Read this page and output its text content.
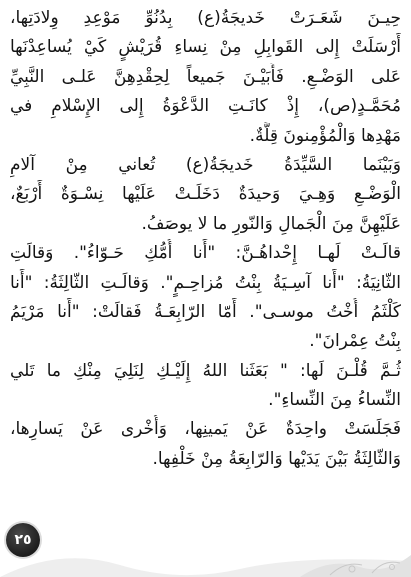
حِيـنَ شَعَـرَتْ خَديجَةُ(ع) بِدُنُوِّ مَوْعِدِ وِلادَتِها،
أَرْسَلَتْ إِلى القَوابِلِ مِنْ نِساءِ قُرَيْشٍ كَيْ يُساعِدْنَها
عَلى الوَضْـعِ. فَأَبَيْـنَ جَميعاً لِحِقْدِهِنَّ عَلـى النَّبِيِّ
مُحَمَّـدٍ(ص)، إِذْ كانَـتِ الدَّعْوَةُ إِلى الإِسْلامِ في
مَهْدِها وَالْمُؤْمِنونَ قِلَّةٌ.
وَبَيْنَما السَّيِّدَةُ خَديجَةُ(ع) تُعاني مِنْ آلامِ
الْوَضْـعِ وَهِـيَ وَحيدَةٌ دَخَلَـتْ عَلَيْها نِسْـوَةٌ أَرْبَعٌ،
عَلَيْهِنَّ مِنَ الْجَمالِ وَالنّورِ ما لا يوصَفُ.
قالَـتْ لَهـا إِحْداهُـنَّ: "أَنا أُمُّكِ حَـوّاءُ". وَقالَتِ
الثّانِيَةُ: "أَنا آسِـيَةُ بِنْتُ مُزاحِـمٍ". وَقالَـتِ الثّالِثَةُ: "أَنا
كَلْثَمُ أُخْتُ موسـى". أَمّا الرّابِعَـةُ فَقالَتْ: "أَنا مَرْيَمُ
بِنْتُ عِمْرانَ".
ثُـمَّ قُلْـنَ لَها: " بَعَثَنا اللهُ إِلَيْـكِ لِنَلِيَ مِنْكِ ما تَلي
النِّساءُ مِنَ النِّساءِ".
فَجَلَسَتْ واحِدَةٌ عَنْ يَمينِها، وَأُخْرى عَنْ يَسارِها،
وَالثّالِثَةُ بَيْنَ يَدَيْها وَالرّابِعَةُ مِنْ خَلْفِها.
٢٥
